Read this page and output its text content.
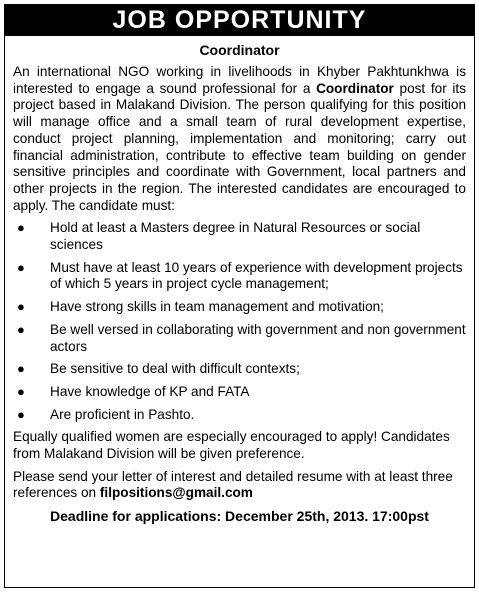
JOB OPPORTUNITY
Coordinator

An international NGO working in livelihoods in Khyber Pakhtunkhwa is interested to engage a sound professional for a Coordinator post for its project based in Malakand Division. The person qualifying for this position will manage office and a small team of rural development expertise, conduct project planning, implementation and monitoring; carry out financial administration, contribute to effective team building on gender sensitive principles and coordinate with Government, local partners and other projects in the region. The interested candidates are encouraged to apply. The candidate must:

● Hold at least a Masters degree in Natural Resources or social sciences
● Must have at least 10 years of experience with development projects of which 5 years in project cycle management;
● Have strong skills in team management and motivation;
● Be well versed in collaborating with government and non government actors
● Be sensitive to deal with difficult contexts;
● Have knowledge of KP and FATA
● Are proficient in Pashto.

Equally qualified women are especially encouraged to apply! Candidates from Malakand Division will be given preference.

Please send your letter of interest and detailed resume with at least three references on filpositions@gmail.com

Deadline for applications: December 25th, 2013. 17:00pst
